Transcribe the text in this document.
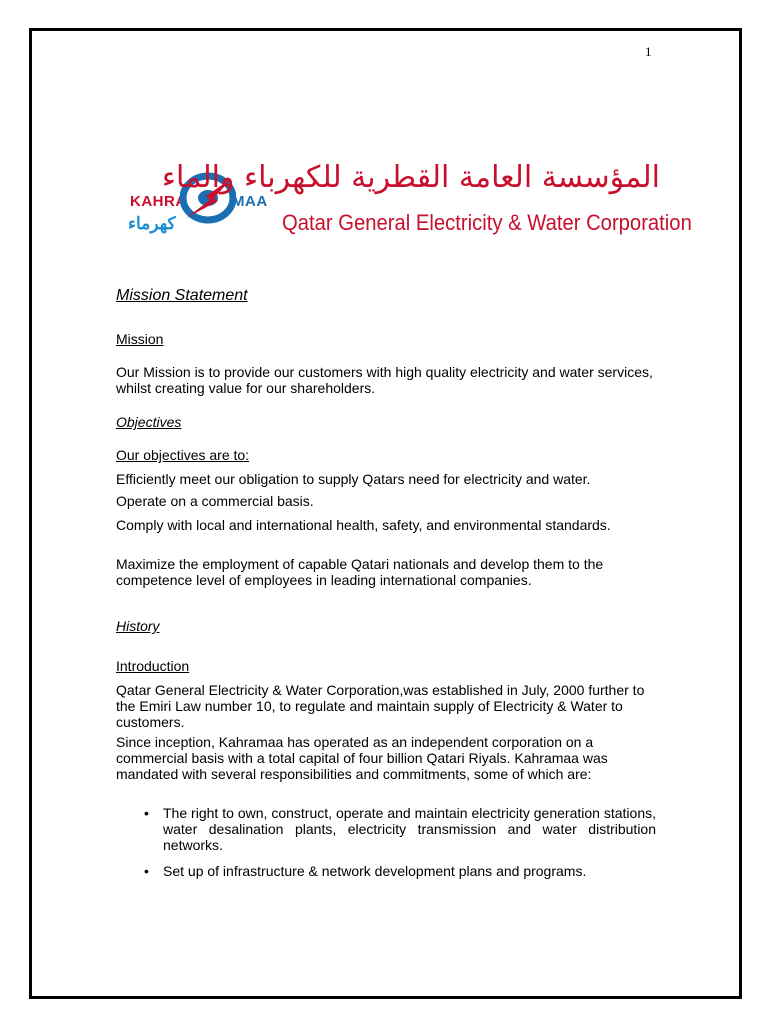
1
KAHRA	MAA
كهرماء
المؤسسة العامة القطرية للكهرباء والماء
Qatar General Electricity & Water Corporation
Mission Statement
Mission
Our Mission is to provide our customers with high quality electricity and water services, whilst creating value for our shareholders.
Objectives
Our objectives are to:
Efficiently meet our obligation to supply Qatars need for electricity and water.
Operate on a commercial basis.
Comply with local and international health, safety, and environmental standards.
Maximize the employment of capable Qatari nationals and develop them to the competence level of employees in leading international companies.
History
Introduction
Qatar General Electricity & Water Corporation,was established in July, 2000 further to the Emiri Law number 10, to regulate and maintain supply of Electricity & Water to customers.
Since inception, Kahramaa has operated as an independent corporation on a commercial basis with a total capital of four billion Qatari Riyals. Kahramaa was mandated with several responsibilities and commitments, some of which are:
• The right to own, construct, operate and maintain electricity generation stations, water desalination plants, electricity transmission and water distribution networks.
• Set up of infrastructure & network development plans and programs.
